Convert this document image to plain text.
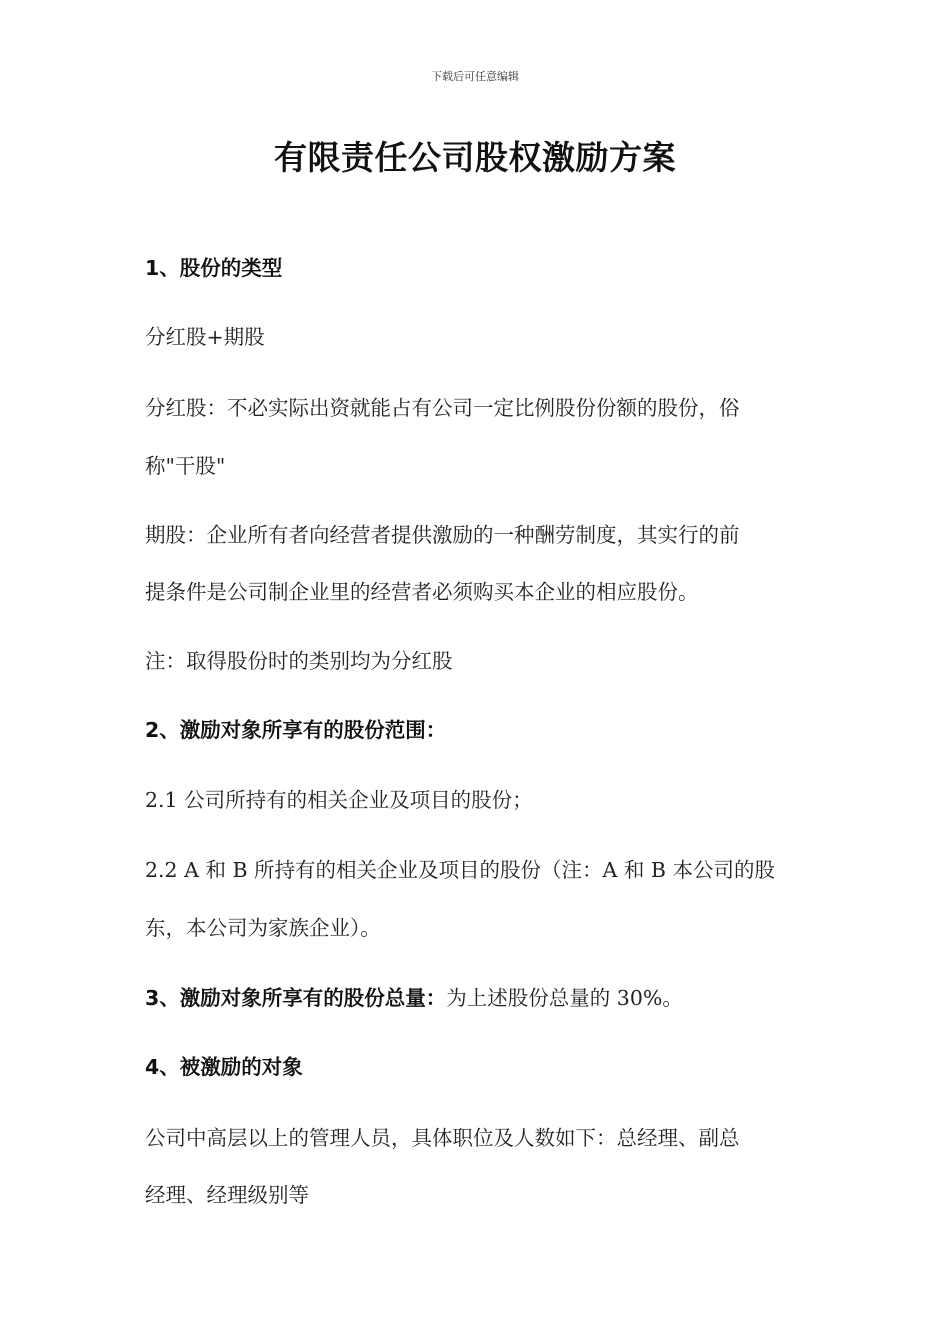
下载后可任意编辑
有限责任公司股权激励方案
1、股份的类型
分红股+期股
分红股：不必实际出资就能占有公司一定比例股份份额的股份，俗
称"干股"
期股：企业所有者向经营者提供激励的一种酬劳制度，其实行的前
提条件是公司制企业里的经营者必须购买本企业的相应股份。
注：取得股份时的类别均为分红股
2、激励对象所享有的股份范围：
2.1 公司所持有的相关企业及项目的股份；
2.2 A 和 B 所持有的相关企业及项目的股份（注：A 和 B 本公司的股
东，本公司为家族企业）。
3、激励对象所享有的股份总量：为上述股份总量的 30%。
4、被激励的对象
公司中高层以上的管理人员，具体职位及人数如下：总经理、副总
经理、经理级别等
